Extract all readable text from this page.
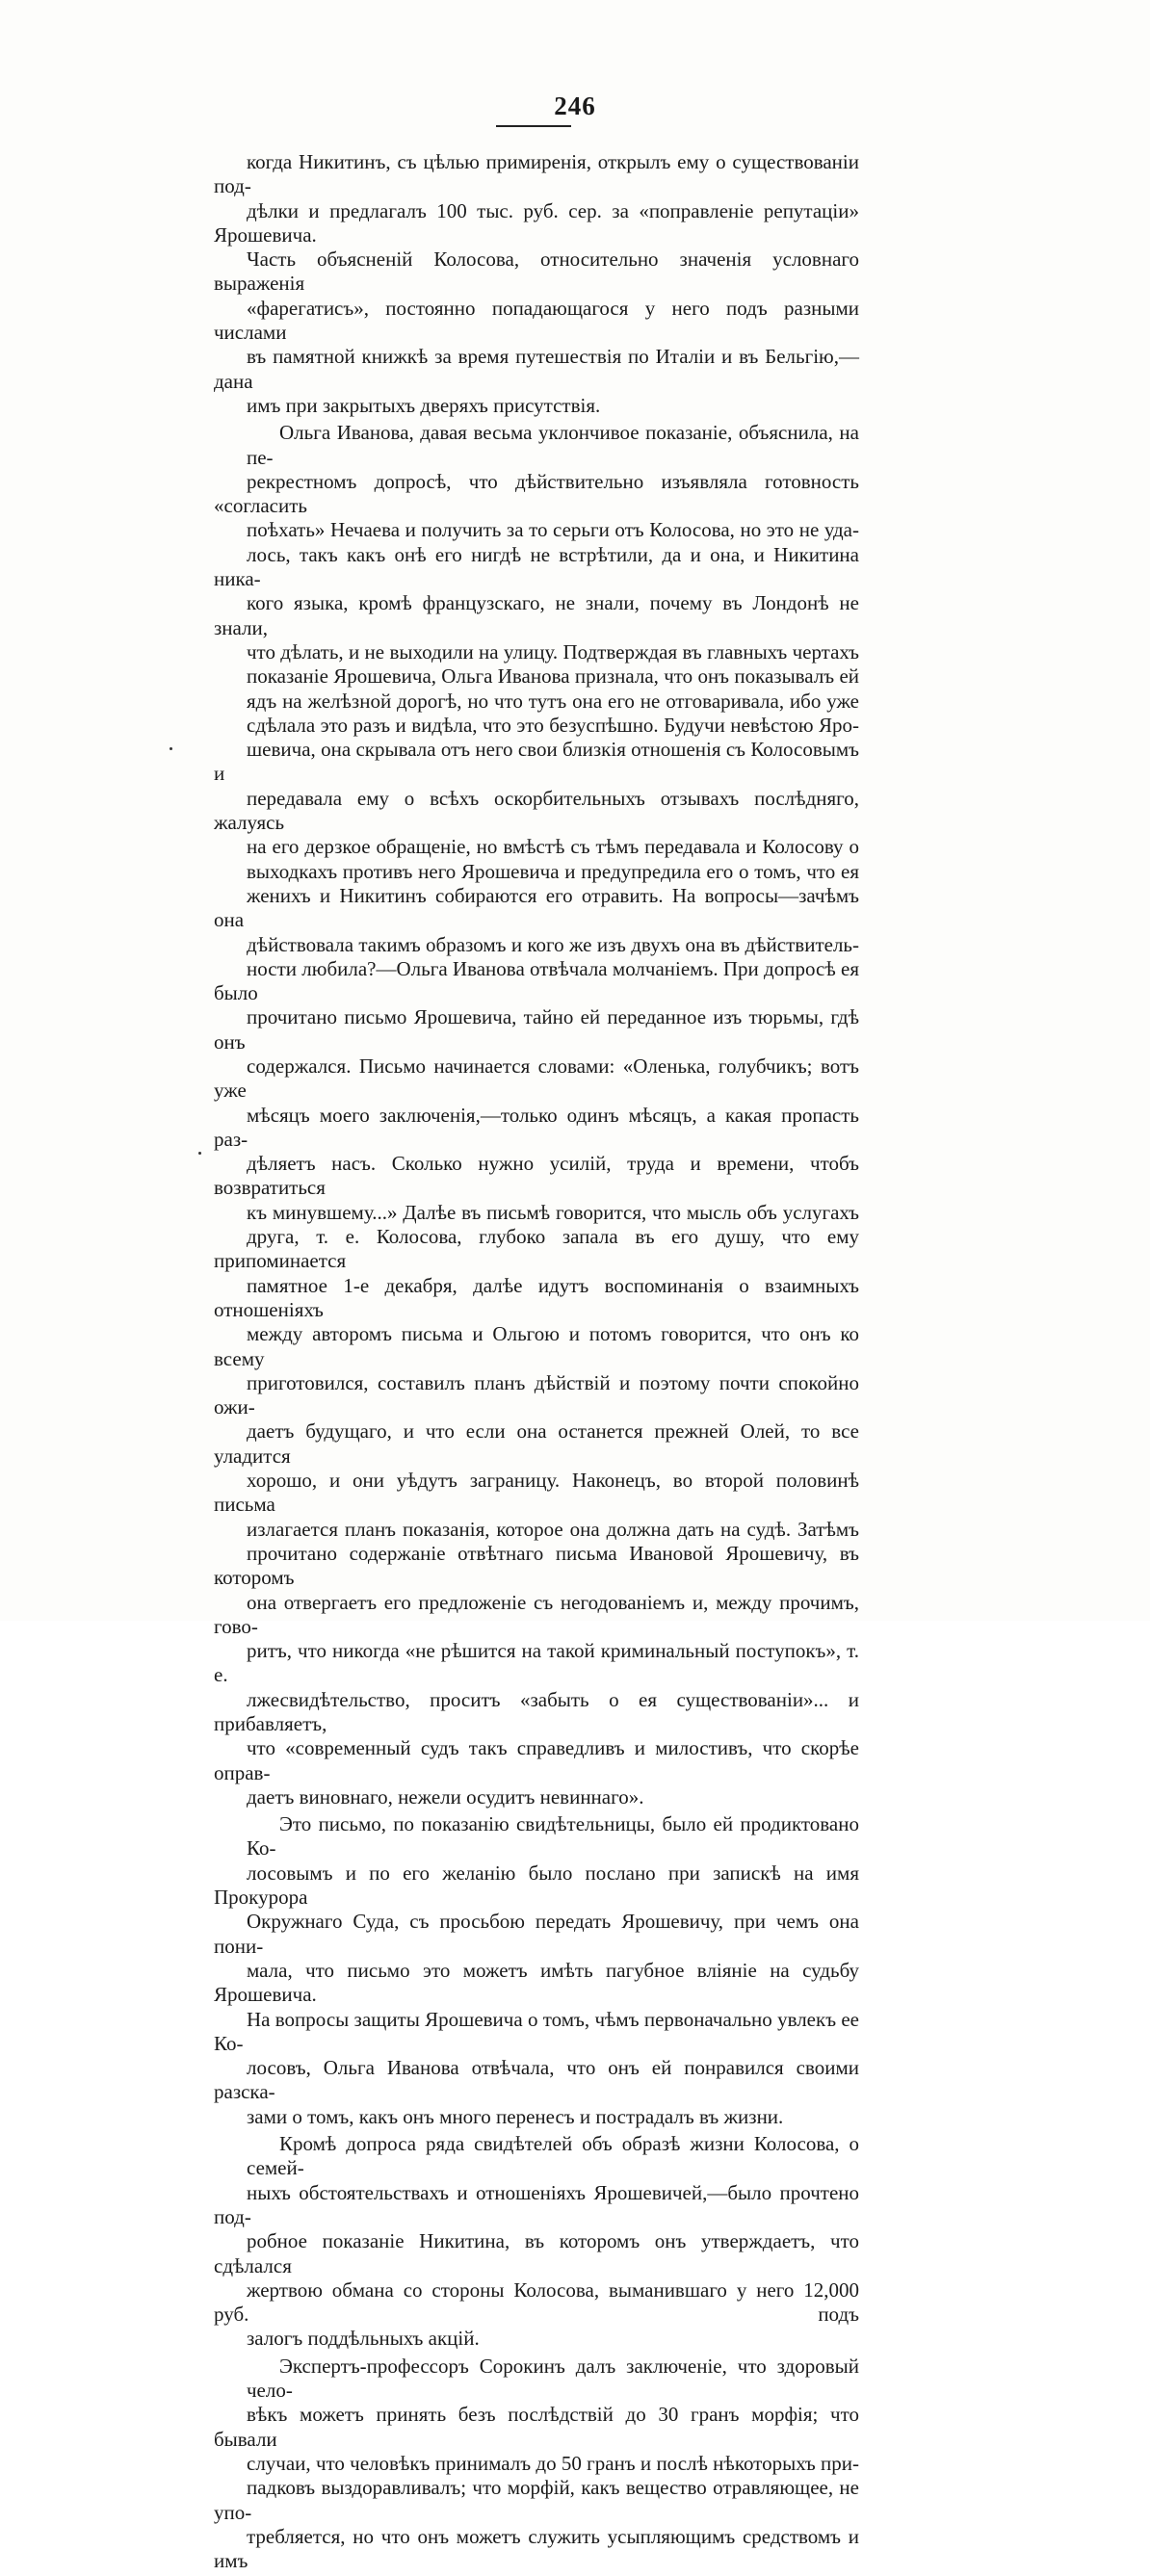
246
когда Никитинъ, съ цѣлью примиренія, открылъ ему о существованіи под-
дѣлки и предлагалъ 100 тыс. руб. сер. за «поправленіе репутаціи» Ярошевича.
Часть объясненій Колосова, относительно значенія условнаго выраженія
«фарегатисъ», постоянно попадающагося у него подъ разными числами
въ памятной книжкѣ за время путешествія по Италіи и въ Бельгію,—дана
имъ при закрытыхъ дверяхъ присутствія.
Ольга Иванова, давая весьма уклончивое показаніе, объяснила, на пе-
рекрестномъ допросѣ, что дѣйствительно изъявляла готовность «согласить
поѣхать» Нечаева и получить за то серьги отъ Колосова, но это не уда-
лось, такъ какъ онѣ его нигдѣ не встрѣтили, да и она, и Никитина ника-
кого языка, кромѣ французскаго, не знали, почему въ Лондонѣ не знали,
что дѣлать, и не выходили на улицу. Подтверждая въ главныхъ чертахъ
показаніе Ярошевича, Ольга Иванова признала, что онъ показывалъ ей
ядъ на желѣзной дорогѣ, но что тутъ она его не отговаривала, ибо уже
сдѣлала это разъ и видѣла, что это безуспѣшно. Будучи невѣстою Яро-
шевича, она скрывала отъ него свои близкія отношенія съ Колосовымъ и
передавала ему о всѣхъ оскорбительныхъ отзывахъ послѣдняго, жалуясь
на его дерзкое обращеніе, но вмѣстѣ съ тѣмъ передавала и Колосову о
выходкахъ противъ него Ярошевича и предупредила его о томъ, что ея
женихъ и Никитинъ собираются его отравить. На вопросы—зачѣмъ она
дѣйствовала такимъ образомъ и кого же изъ двухъ она въ дѣйствитель-
ности любила?—Ольга Иванова отвѣчала молчаніемъ. При допросѣ ея было
прочитано письмо Ярошевича, тайно ей переданное изъ тюрьмы, гдѣ онъ
содержался. Письмо начинается словами: «Оленька, голубчикъ; вотъ уже
мѣсяцъ моего заключенія,—только одинъ мѣсяцъ, а какая пропасть раз-
дѣляетъ насъ. Сколько нужно усилій, труда и времени, чтобъ возвратиться
къ минувшему...» Далѣе въ письмѣ говорится, что мысль объ услугахъ
друга, т. е. Колосова, глубоко запала въ его душу, что ему припоминается
памятное 1-е декабря, далѣе идутъ воспоминанія о взаимныхъ отношеніяхъ
между авторомъ письма и Ольгою и потомъ говорится, что онъ ко всему
приготовился, составилъ планъ дѣйствій и поэтому почти спокойно ожи-
даетъ будущаго, и что если она останется прежней Олей, то все уладится
хорошо, и они уѣдутъ заграницу. Наконецъ, во второй половинѣ письма
излагается планъ показанія, которое она должна дать на судѣ. Затѣмъ
прочитано содержаніе отвѣтнаго письма Ивановой Ярошевичу, въ которомъ
она отвергаетъ его предложеніе съ негодованіемъ и, между прочимъ, гово-
ритъ, что никогда «не рѣшится на такой криминальный поступокъ», т. е.
лжесвидѣтельство, проситъ «забыть о ея существованіи»... и прибавляетъ,
что «современный судъ такъ справедливъ и милостивъ, что скорѣе оправ-
даетъ виновнаго, нежели осудитъ невиннаго».
Это письмо, по показанію свидѣтельницы, было ей продиктовано Ко-
лосовымъ и по его желанію было послано при запискѣ на имя Прокурора
Окружнаго Суда, съ просьбою передать Ярошевичу, при чемъ она пони-
мала, что письмо это можетъ имѣть пагубное вліяніе на судьбу Ярошевича.
На вопросы защиты Ярошевича о томъ, чѣмъ первоначально увлекъ ее Ко-
лосовъ, Ольга Иванова отвѣчала, что онъ ей понравился своими разска-
зами о томъ, какъ онъ много перенесъ и пострадалъ въ жизни.
Кромѣ допроса ряда свидѣтелей объ образѣ жизни Колосова, о семей-
ныхъ обстоятельствахъ и отношеніяхъ Ярошевичей,—было прочтено под-
робное показаніе Никитина, въ которомъ онъ утверждаетъ, что сдѣлался
жертвою обмана со стороны Колосова, выманившаго у него 12,000 руб. подъ
залогъ поддѣльныхъ акцій.
Экспертъ-профессоръ Сорокинъ далъ заключеніе, что здоровый чело-
вѣкъ можетъ принять безъ послѣдствій до 30 гранъ морфія; что бывали
случаи, что человѣкъ принималъ до 50 гранъ и послѣ нѣкоторыхъ при-
падковъ выздоравливалъ; что морфій, какъ вещество отравляющее, не упо-
требляется, но что онъ можетъ служить усыпляющимъ средствомъ и имъ
